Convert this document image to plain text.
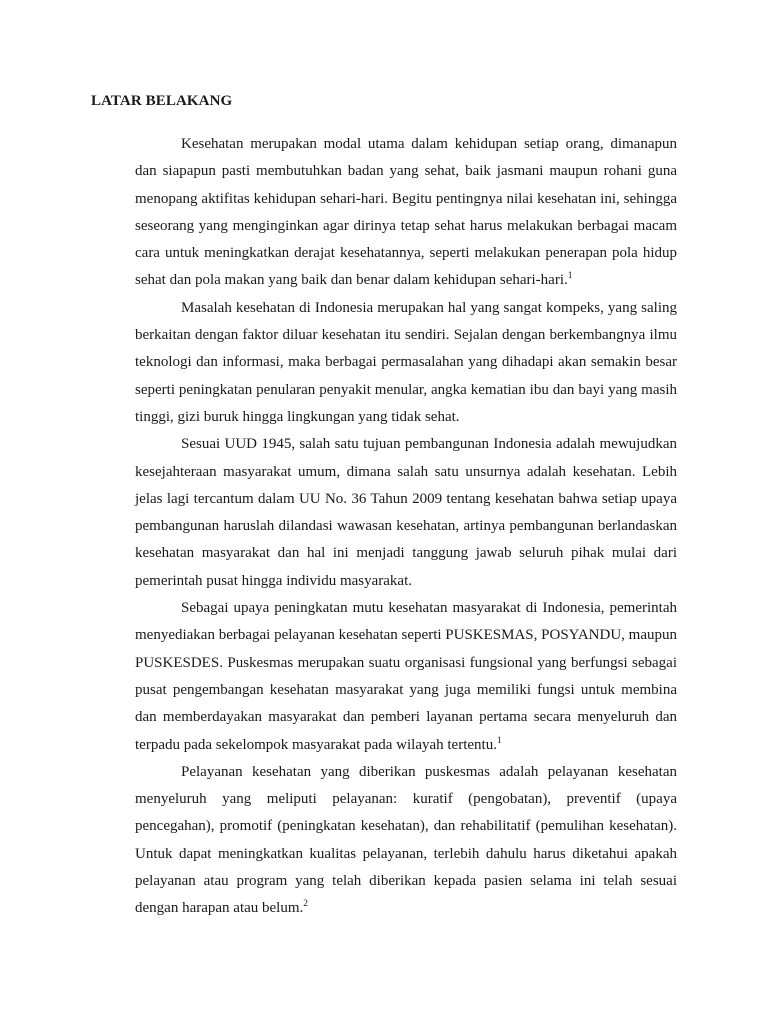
LATAR BELAKANG

Kesehatan merupakan modal utama dalam kehidupan setiap orang, dimanapun dan siapapun pasti membutuhkan badan yang sehat, baik jasmani maupun rohani guna menopang aktifitas kehidupan sehari-hari. Begitu pentingnya nilai kesehatan ini, sehingga seseorang yang menginginkan agar dirinya tetap sehat harus melakukan berbagai macam cara untuk meningkatkan derajat kesehatannya, seperti melakukan penerapan pola hidup sehat dan pola makan yang baik dan benar dalam kehidupan sehari-hari.$^1$

Masalah kesehatan di Indonesia merupakan hal yang sangat kompeks, yang saling berkaitan dengan faktor diluar kesehatan itu sendiri. Sejalan dengan berkembangnya ilmu teknologi dan informasi, maka berbagai permasalahan yang dihadapi akan semakin besar seperti peningkatan penularan penyakit menular, angka kematian ibu dan bayi yang masih tinggi, gizi buruk hingga lingkungan yang tidak sehat.

Sesuai UUD 1945, salah satu tujuan pembangunan Indonesia adalah mewujudkan kesejahteraan masyarakat umum, dimana salah satu unsurnya adalah kesehatan. Lebih jelas lagi tercantum dalam UU No. 36 Tahun 2009 tentang kesehatan bahwa setiap upaya pembangunan haruslah dilandasi wawasan kesehatan, artinya pembangunan berlandaskan kesehatan masyarakat dan hal ini menjadi tanggung jawab seluruh pihak mulai dari pemerintah pusat hingga individu masyarakat.

Sebagai upaya peningkatan mutu kesehatan masyarakat di Indonesia, pemerintah menyediakan berbagai pelayanan kesehatan seperti PUSKESMAS, POSYANDU, maupun PUSKESDES. Puskesmas merupakan suatu organisasi fungsional yang berfungsi sebagai pusat pengembangan kesehatan masyarakat yang juga memiliki fungsi untuk membina dan memberdayakan masyarakat dan pemberi layanan pertama secara menyeluruh dan terpadu pada sekelompok masyarakat pada wilayah tertentu.$^1$

Pelayanan kesehatan yang diberikan puskesmas adalah pelayanan kesehatan menyeluruh yang meliputi pelayanan: kuratif (pengobatan), preventif (upaya pencegahan), promotif (peningkatan kesehatan), dan rehabilitatif (pemulihan kesehatan). Untuk dapat meningkatkan kualitas pelayanan, terlebih dahulu harus diketahui apakah pelayanan atau program yang telah diberikan kepada pasien selama ini telah sesuai dengan harapan atau belum.$^2$
